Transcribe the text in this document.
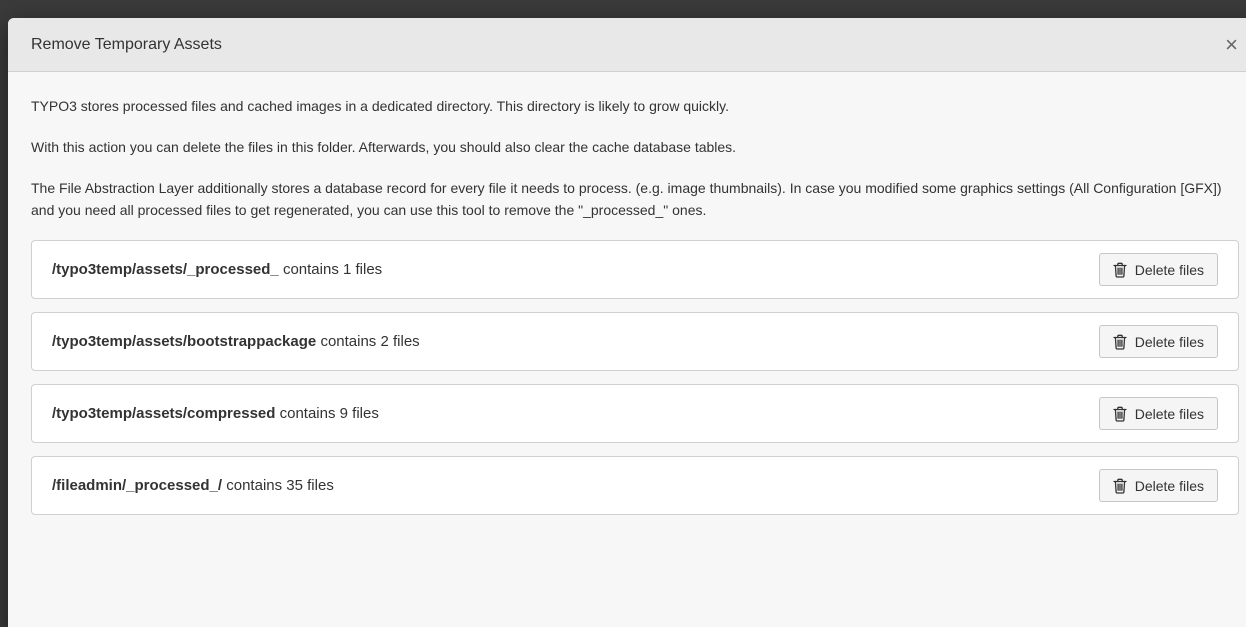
Remove Temporary Assets	×

TYPO3 stores processed files and cached images in a dedicated directory. This directory is likely to grow quickly.

With this action you can delete the files in this folder. Afterwards, you should also clear the cache database tables.

The File Abstraction Layer additionally stores a database record for every file it needs to process. (e.g. image thumbnails). In case you modified some graphics settings (All Configuration [GFX]) and you need all processed files to get regenerated, you can use this tool to remove the "_processed_" ones.

/typo3temp/assets/_processed_ contains 1 files	Delete files
/typo3temp/assets/bootstrappackage contains 2 files	Delete files
/typo3temp/assets/compressed contains 9 files	Delete files
/fileadmin/_processed_/ contains 35 files	Delete files
